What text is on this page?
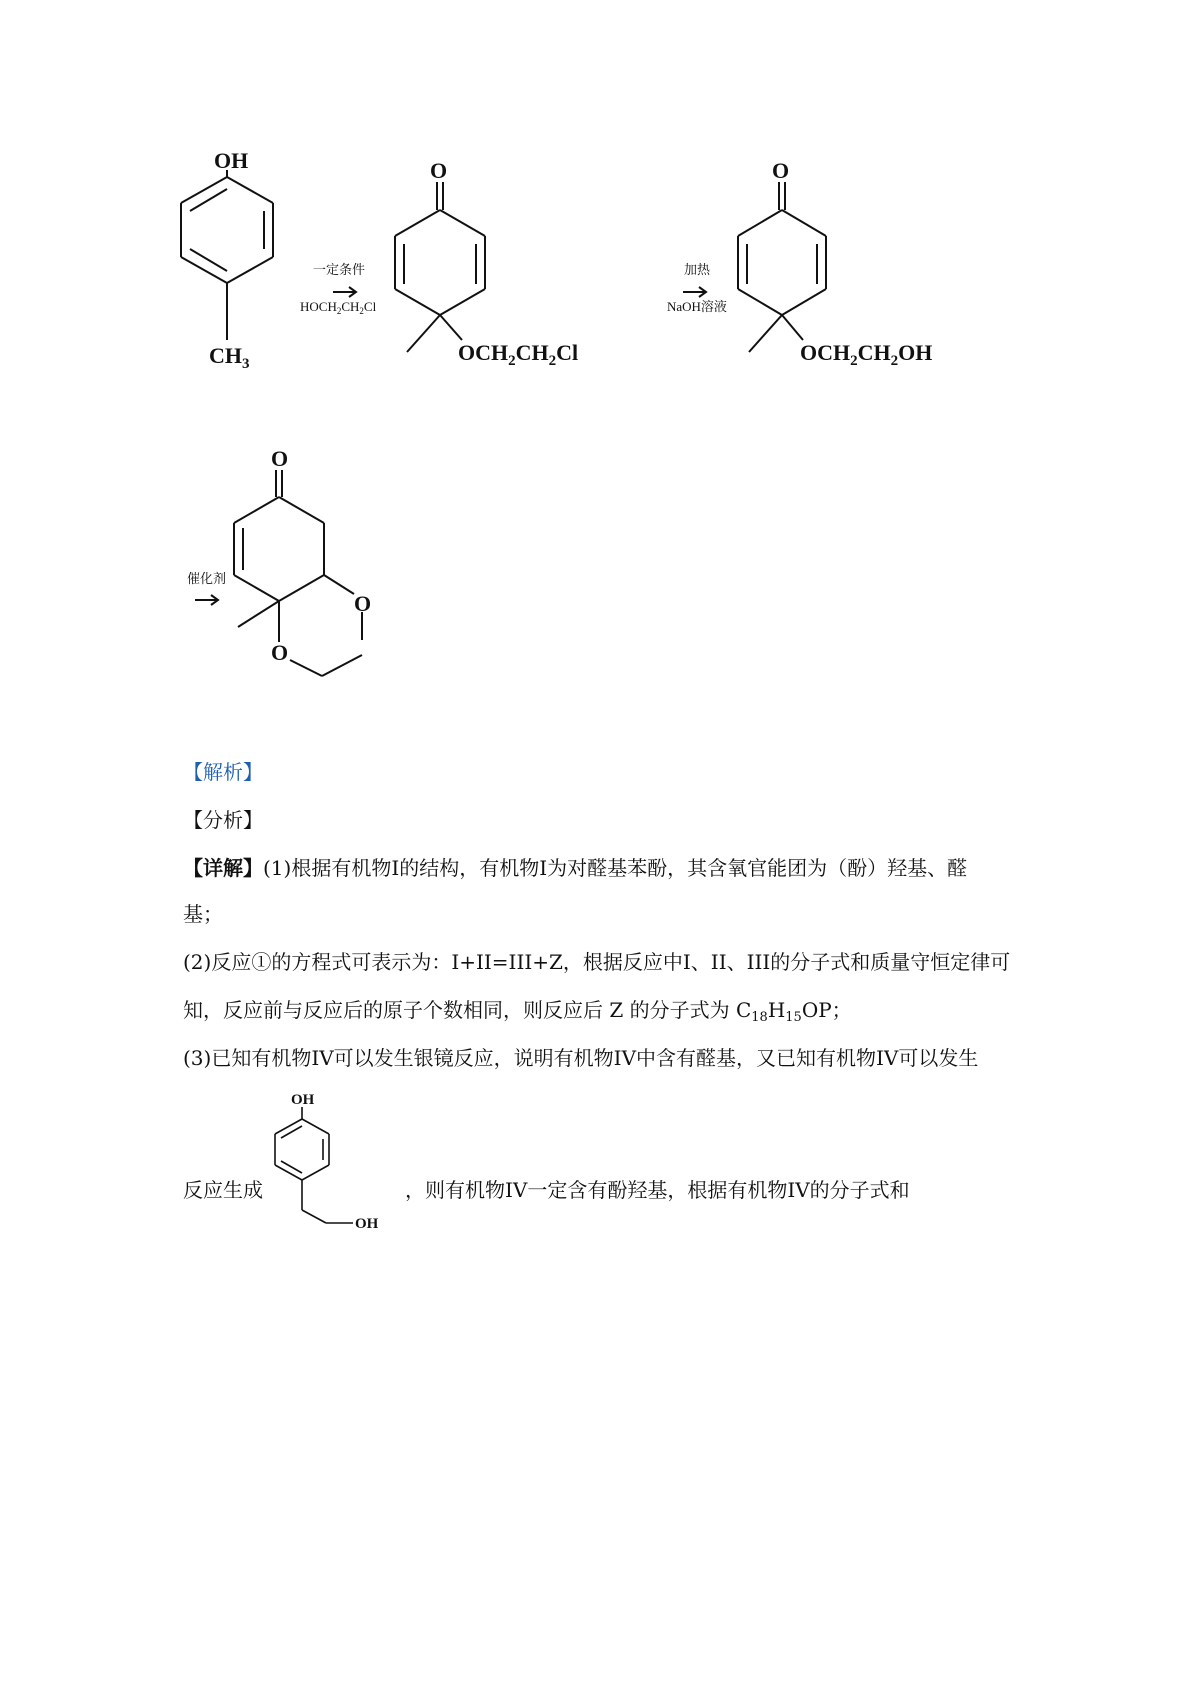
OH
$CH_3$
一定条件
$HOCH_2CH_2Cl$
O
$OCH_2CH_2Cl$
加热
NaOH溶液
O
$OCH_2CH_2OH$
催化剂
O
O
O
【解析】
【分析】
【详解】(1)根据有机物I的结构，有机物I为对醛基苯酚，其含氧官能团为（酚）羟基、醛
基；
(2)反应①的方程式可表示为：I+II=III+Z，根据反应中I、II、III的分子式和质量守恒定律可
知，反应前与反应后的原子个数相同，则反应后 Z 的分子式为 $C_{18}H_{15}OP$；
(3)已知有机物IV可以发生银镜反应，说明有机物IV中含有醛基，又已知有机物IV可以发生
反应生成	，则有机物IV一定含有酚羟基，根据有机物IV的分子式和
OH
OH
